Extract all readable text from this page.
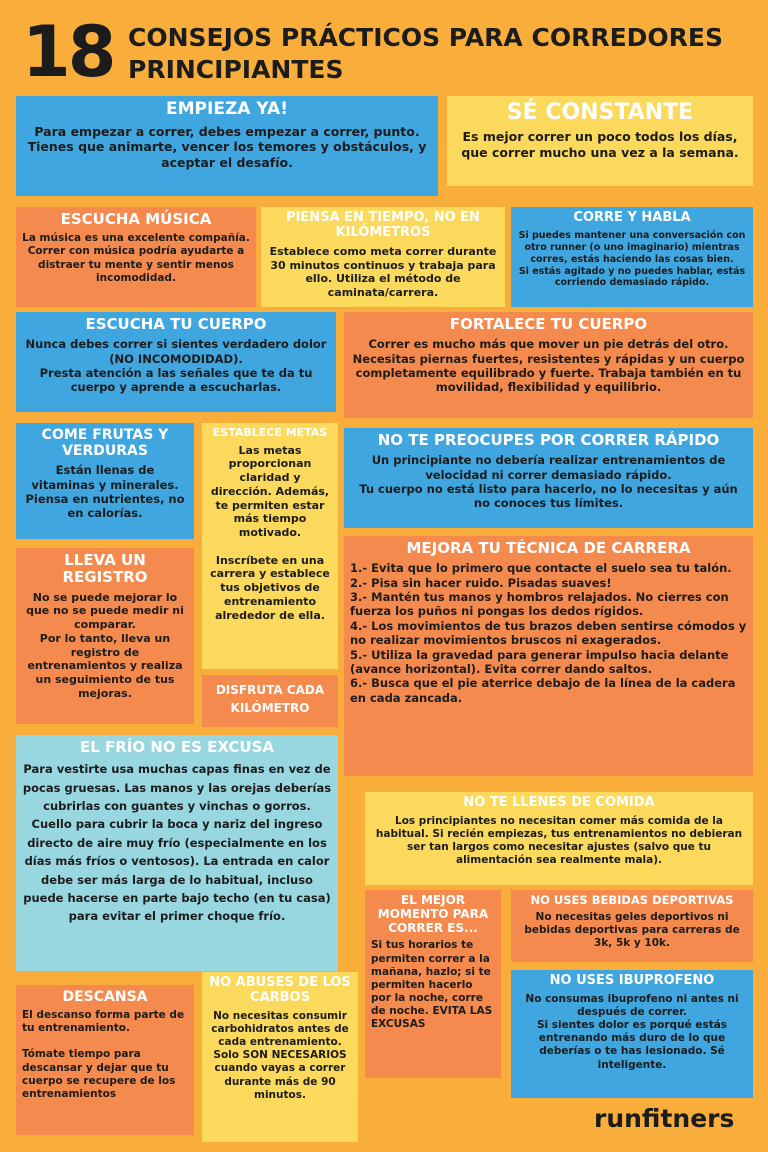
18 CONSEJOS PRÁCTICOS PARA CORREDORES PRINCIPIANTES
EMPIEZA YA!
Para empezar a correr, debes empezar a correr, punto.
Tienes que animarte, vencer los temores y obstáculos, y aceptar el desafío.
SÉ CONSTANTE
Es mejor correr un poco todos los días, que correr mucho una vez a la semana.
ESCUCHA MÚSICA
La música es una excelente compañía.
Correr con música podría ayudarte a distraer tu mente y sentir menos incomodidad.
PIENSA EN TIEMPO, NO EN KILÓMETROS
Establece como meta correr durante 30 minutos continuos y trabaja para ello. Utiliza el método de caminata/carrera.
CORRE Y HABLA
Si puedes mantener una conversación con otro runner (o uno imaginario) mientras corres, estás haciendo las cosas bien.
Si estás agitado y no puedes hablar, estás corriendo demasiado rápido.
ESCUCHA TU CUERPO
Nunca debes correr si sientes verdadero dolor (NO INCOMODIDAD).
Presta atención a las señales que te da tu cuerpo y aprende a escucharlas.
FORTALECE TU CUERPO
Correr es mucho más que mover un pie detrás del otro. Necesitas piernas fuertes, resistentes y rápidas y un cuerpo completamente equilibrado y fuerte. Trabaja también en tu movilidad, flexibilidad y equilibrio.
COME FRUTAS Y VERDURAS
Están llenas de vitaminas y minerales. Piensa en nutrientes, no en calorías.
ESTABLECE METAS
Las metas proporcionan claridad y dirección. Además, te permiten estar más tiempo motivado.

Inscríbete en una carrera y establece tus objetivos de entrenamiento alrededor de ella.
NO TE PREOCUPES POR CORRER RÁPIDO
Un principiante no debería realizar entrenamientos de velocidad ni correr demasiado rápido.
Tu cuerpo no está listo para hacerlo, no lo necesitas y aún no conoces tus límites.
LLEVA UN REGISTRO
No se puede mejorar lo que no se puede medir ni comparar.
Por lo tanto, lleva un registro de entrenamientos y realiza un seguimiento de tus mejoras.
MEJORA TU TÉCNICA DE CARRERA
1.- Evita que lo primero que contacte el suelo sea tu talón.
2.- Pisa sin hacer ruido. Pisadas suaves!
3.- Mantén tus manos y hombros relajados. No cierres con fuerza los puños ni pongas los dedos rígidos.
4.- Los movimientos de tus brazos deben sentirse cómodos y no realizar movimientos bruscos ni exagerados.
5.- Utiliza la gravedad para generar impulso hacia delante (avance horizontal). Evita correr dando saltos.
6.- Busca que el pie aterrice debajo de la línea de la cadera en cada zancada.
DISFRUTA CADA KILÓMETRO
EL FRÍO NO ES EXCUSA
Para vestirte usa muchas capas finas en vez de pocas gruesas. Las manos y las orejas deberías cubrirlas con guantes y vinchas o gorros. Cuello para cubrir la boca y nariz del ingreso directo de aire muy frío (especialmente en los días más fríos o ventosos). La entrada en calor debe ser más larga de lo habitual, incluso puede hacerse en parte bajo techo (en tu casa) para evitar el primer choque frío.
NO TE LLENES DE COMIDA
Los principiantes no necesitan comer más comida de la habitual. Si recién empiezas, tus entrenamientos no debieran ser tan largos como necesitar ajustes (salvo que tu alimentación sea realmente mala).
EL MEJOR MOMENTO PARA CORRER ES...
Si tus horarios te permiten correr a la mañana, hazlo; si te permiten hacerlo por la noche, corre de noche. EVITA LAS EXCUSAS
NO USES BEBIDAS DEPORTIVAS
No necesitas geles deportivos ni bebidas deportivas para carreras de 3k, 5k y 10k.
DESCANSA
El descanso forma parte de tu entrenamiento.

Tómate tiempo para descansar y dejar que tu cuerpo se recupere de los entrenamientos
NO ABUSES DE LOS CARBOS
No necesitas consumir carbohidratos antes de cada entrenamiento. Solo SON NECESARIOS cuando vayas a correr durante más de 90 minutos.
NO USES IBUPROFENO
No consumas ibuprofeno ni antes ni después de correr.
Si sientes dolor es porqué estás entrenando más duro de lo que deberías o te has lesionado. Sé inteligente.
runfitners
